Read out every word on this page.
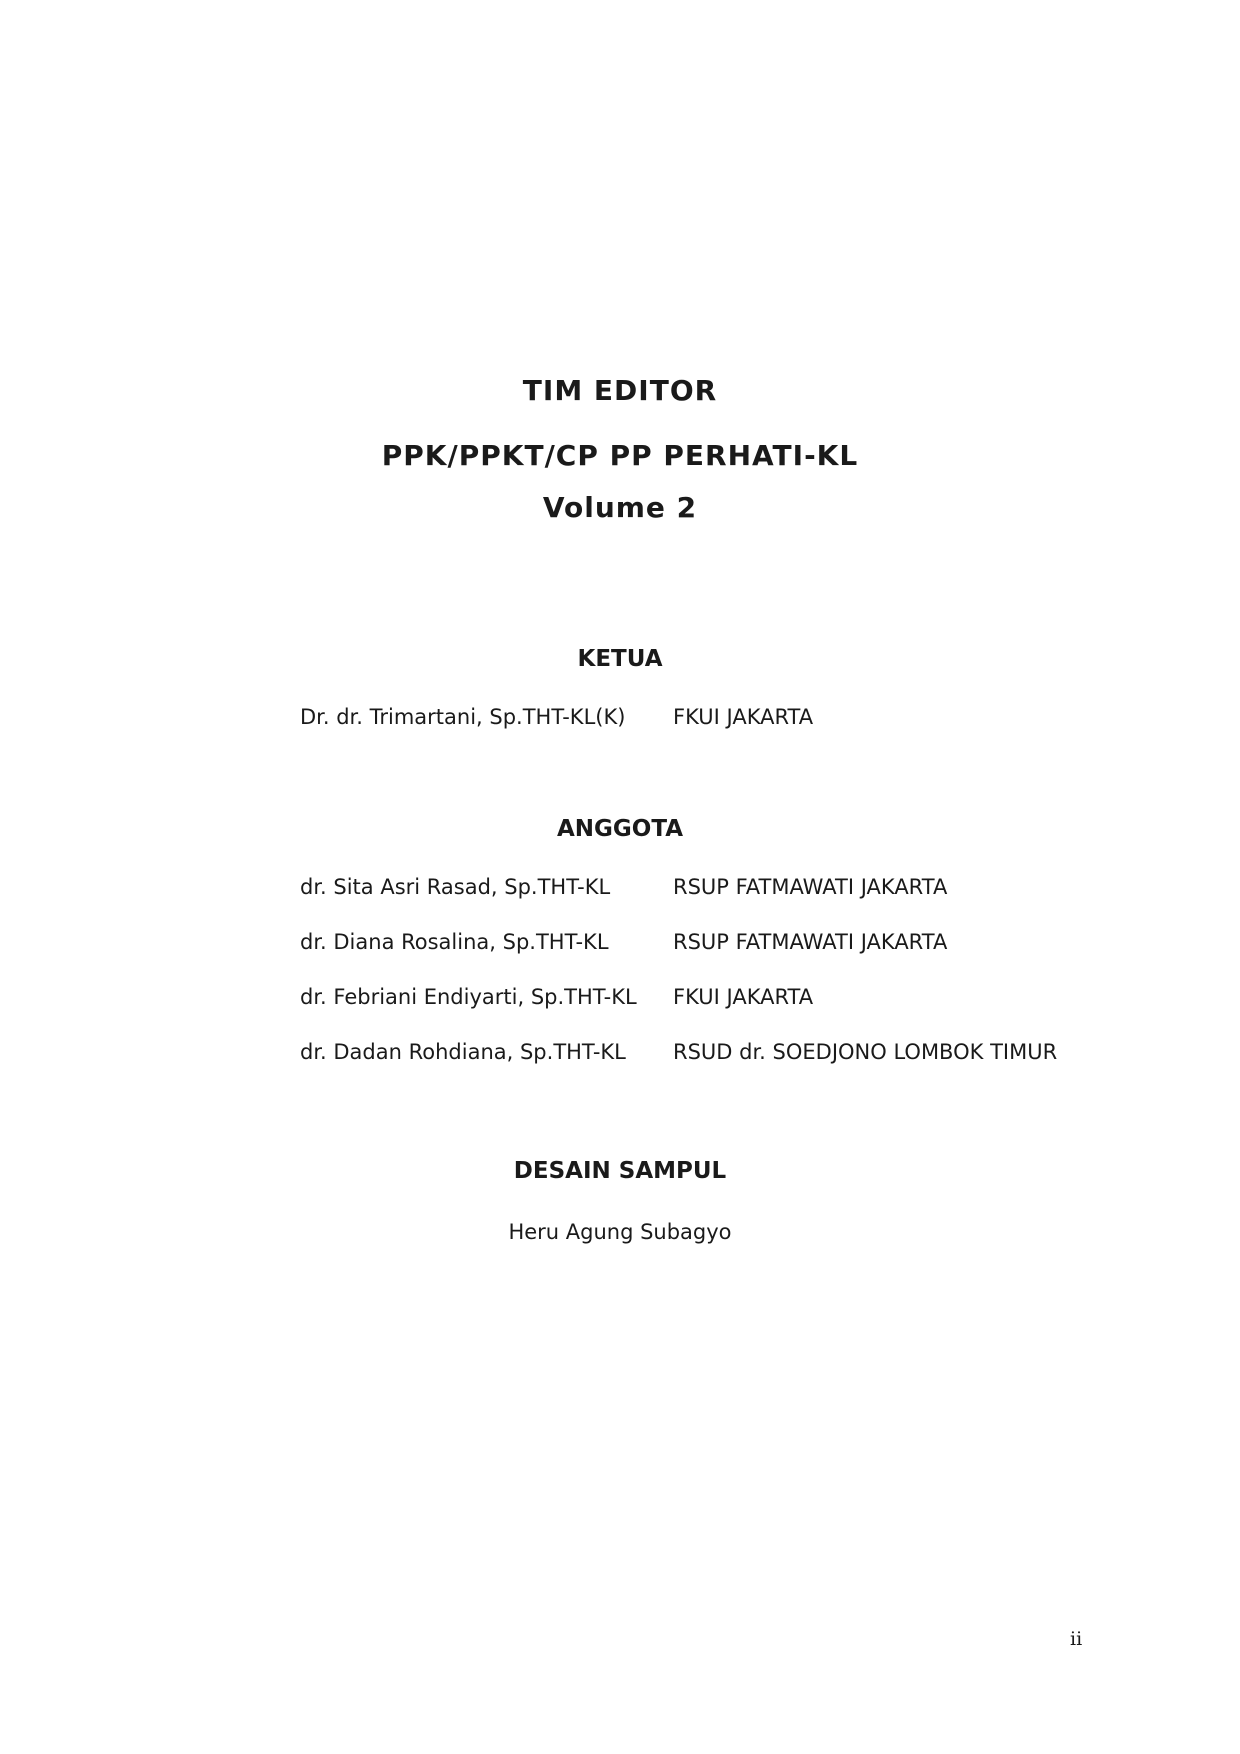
TIM EDITOR
PPK/PPKT/CP PP PERHATI-KL
Volume 2
KETUA
Dr. dr. Trimartani, Sp.THT-KL(K) FKUI JAKARTA
ANGGOTA
dr. Sita Asri Rasad, Sp.THT-KL	RSUP FATMAWATI JAKARTA
dr. Diana Rosalina, Sp.THT-KL	RSUP FATMAWATI JAKARTA
dr. Febriani Endiyarti, Sp.THT-KL FKUI JAKARTA
dr. Dadan Rohdiana, Sp.THT-KL RSUD dr. SOEDJONO LOMBOK TIMUR
DESAIN SAMPUL
Heru Agung Subagyo
ii
